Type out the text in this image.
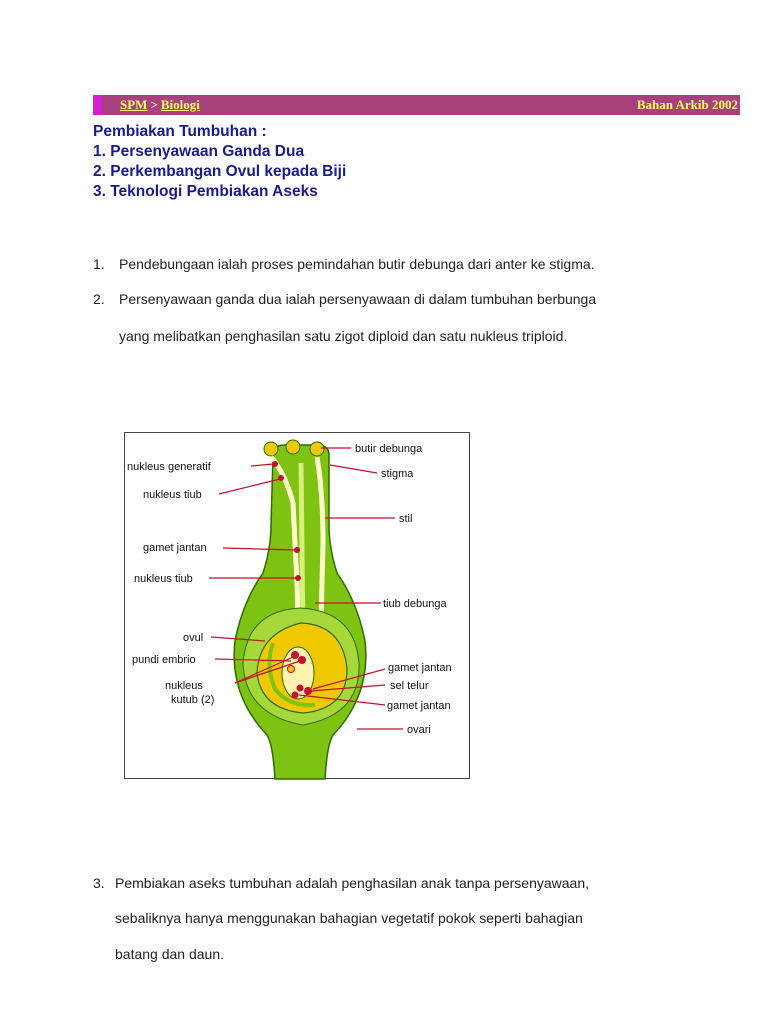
SPM > Biologi	Bahan Arkib 2002
Pembiakan Tumbuhan :
1. Persenyawaan Ganda Dua
2. Perkembangan Ovul kepada Biji
3. Teknologi Pembiakan Aseks
1. Pendebungaan ialah proses pemindahan butir debunga dari anter ke stigma.
2. Persenyawaan ganda dua ialah persenyawaan di dalam tumbuhan berbunga
yang melibatkan penghasilan satu zigot diploid dan satu nukleus triploid.
butir debunga
nukleus generatif
stigma
nukleus tiub
stil
gamet jantan
nukleus tiub
tiub debunga
ovul
pundi embrio
nukleus
kutub (2)
gamet jantan
sel telur
gamet jantan
ovari
3. Pembiakan aseks tumbuhan adalah penghasilan anak tanpa persenyawaan,
sebaliknya hanya menggunakan bahagian vegetatif pokok seperti bahagian
batang dan daun.
